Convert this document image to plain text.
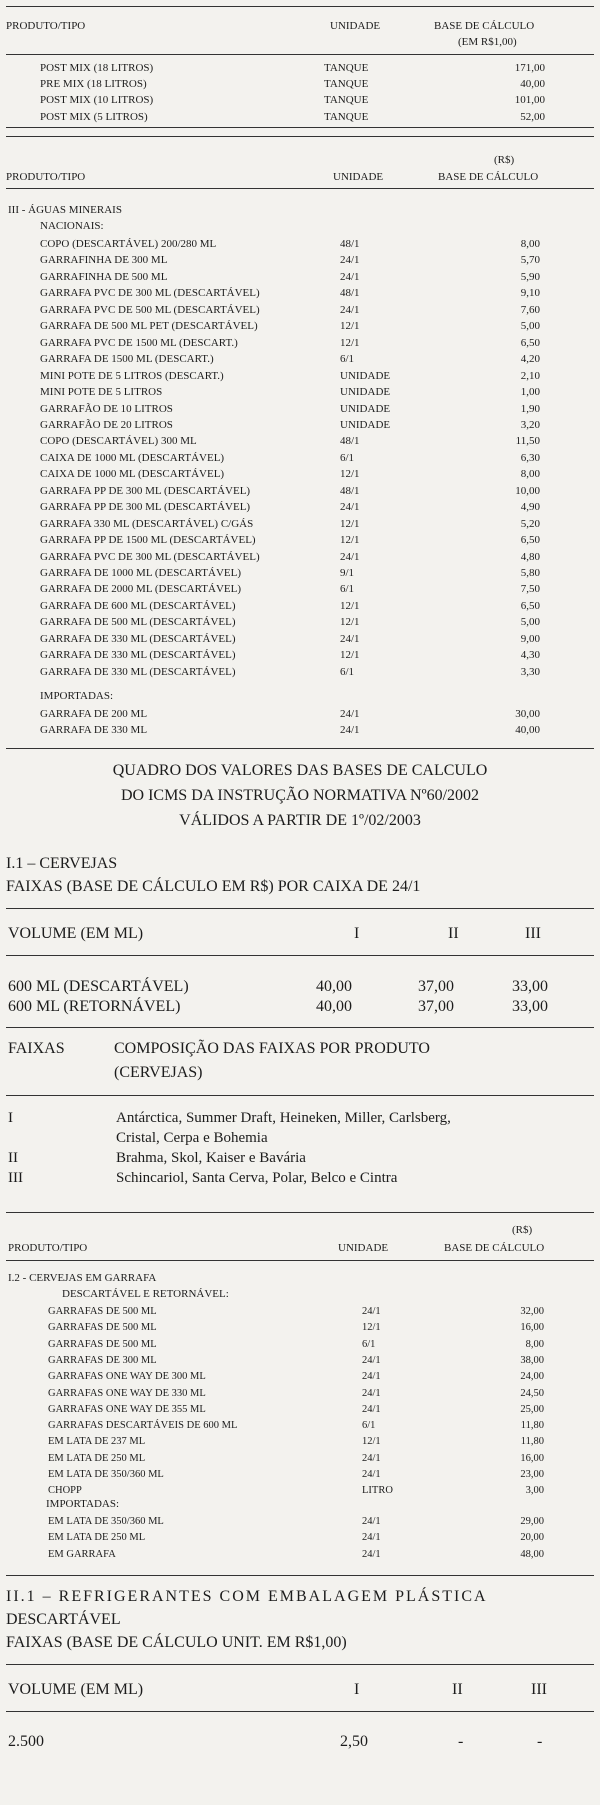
PRODUTO/TIPO	UNIDADE	BASE DE CÁLCULO
(EM R$1,00)
POST MIX (18 LITROS)	TANQUE	171,00
PRE MIX (18 LITROS)	TANQUE	40,00
POST MIX (10 LITROS)	TANQUE	101,00
POST MIX (5 LITROS)	TANQUE	52,00
(R$)
PRODUTO/TIPO	UNIDADE	BASE DE CÁLCULO
III - ÁGUAS MINERAIS
NACIONAIS:
COPO (DESCARTÁVEL) 200/280 ML	48/1	8,00
GARRAFINHA DE 300 ML	24/1	5,70
GARRAFINHA DE 500 ML	24/1	5,90
GARRAFA PVC DE 300 ML (DESCARTÁVEL)	48/1	9,10
GARRAFA PVC DE 500 ML (DESCARTÁVEL)	24/1	7,60
GARRAFA DE 500 ML PET (DESCARTÁVEL)	12/1	5,00
GARRAFA PVC DE 1500 ML (DESCART.)	12/1	6,50
GARRAFA DE 1500 ML (DESCART.)	6/1	4,20
MINI POTE DE 5 LITROS (DESCART.)	UNIDADE	2,10
MINI POTE DE 5 LITROS	UNIDADE	1,00
GARRAFÃO DE 10 LITROS	UNIDADE	1,90
GARRAFÃO DE 20 LITROS	UNIDADE	3,20
COPO (DESCARTÁVEL) 300 ML	48/1	11,50
CAIXA DE 1000 ML (DESCARTÁVEL)	6/1	6,30
CAIXA DE 1000 ML (DESCARTÁVEL)	12/1	8,00
GARRAFA PP DE 300 ML (DESCARTÁVEL)	48/1	10,00
GARRAFA PP DE 300 ML (DESCARTÁVEL)	24/1	4,90
GARRAFA 330 ML (DESCARTÁVEL) C/GÁS	12/1	5,20
GARRAFA PP DE 1500 ML (DESCARTÁVEL)	12/1	6,50
GARRAFA PVC DE 300 ML (DESCARTÁVEL)	24/1	4,80
GARRAFA DE 1000 ML (DESCARTÁVEL)	9/1	5,80
GARRAFA DE 2000 ML (DESCARTÁVEL)	6/1	7,50
GARRAFA DE 600 ML (DESCARTÁVEL)	12/1	6,50
GARRAFA DE 500 ML (DESCARTÁVEL)	12/1	5,00
GARRAFA DE 330 ML (DESCARTÁVEL)	24/1	9,00
GARRAFA DE 330 ML (DESCARTÁVEL)	12/1	4,30
GARRAFA DE 330 ML (DESCARTÁVEL)	6/1	3,30
IMPORTADAS:
GARRAFA DE 200 ML	24/1	30,00
GARRAFA DE 330 ML	24/1	40,00
QUADRO DOS VALORES DAS BASES DE CALCULO
DO ICMS DA INSTRUÇÃO NORMATIVA Nº60/2002
VÁLIDOS A PARTIR DE 1º/02/2003
I.1 – CERVEJAS
FAIXAS (BASE DE CÁLCULO EM R$) POR CAIXA DE 24/1
VOLUME (EM ML)	I	II	III
600 ML (DESCARTÁVEL)	40,00	37,00	33,00
600 ML (RETORNÁVEL)	40,00	37,00	33,00
FAIXAS	COMPOSIÇÃO DAS FAIXAS POR PRODUTO
(CERVEJAS)
I	Antárctica, Summer Draft, Heineken, Miller, Carlsberg,
Cristal, Cerpa e Bohemia
II	Brahma, Skol, Kaiser e Bavária
III	Schincariol, Santa Cerva, Polar, Belco e Cintra
(R$)
PRODUTO/TIPO	UNIDADE	BASE DE CÁLCULO
I.2 - CERVEJAS EM GARRAFA
DESCARTÁVEL E RETORNÁVEL:
GARRAFAS DE 500 ML	24/1	32,00
GARRAFAS DE 500 ML	12/1	16,00
GARRAFAS DE 500 ML	6/1	8,00
GARRAFAS DE 300 ML	24/1	38,00
GARRAFAS ONE WAY DE 300 ML	24/1	24,00
GARRAFAS ONE WAY DE 330 ML	24/1	24,50
GARRAFAS ONE WAY DE 355 ML	24/1	25,00
GARRAFAS DESCARTÁVEIS DE 600 ML	6/1	11,80
EM LATA DE 237 ML	12/1	11,80
EM LATA DE 250 ML	24/1	16,00
EM LATA DE 350/360 ML	24/1	23,00
CHOPP	LITRO	3,00
IMPORTADAS:
EM LATA DE 350/360 ML	24/1	29,00
EM LATA DE 250 ML	24/1	20,00
EM GARRAFA	24/1	48,00
II.1 – REFRIGERANTES COM EMBALAGEM PLÁSTICA
DESCARTÁVEL
FAIXAS (BASE DE CÁLCULO UNIT. EM R$1,00)
VOLUME (EM ML)	I	II	III
2.500	2,50	-	-
